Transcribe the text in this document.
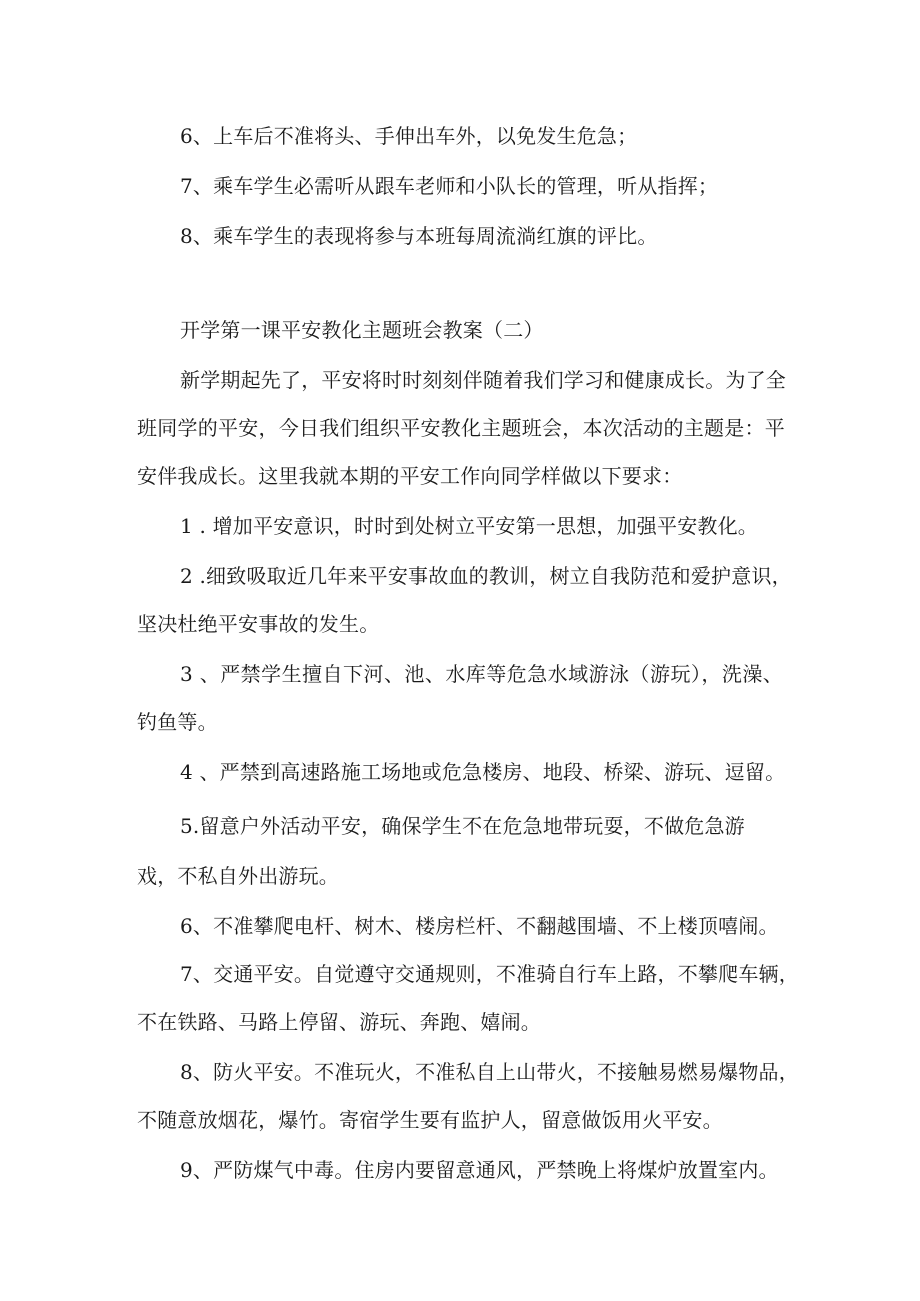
6、上车后不准将头、手伸出车外，以免发生危急；

7、乘车学生必需听从跟车老师和小队长的管理，听从指挥；

8、乘车学生的表现将参与本班每周流淌红旗的评比。

开学第一课平安教化主题班会教案（二）

新学期起先了，平安将时时刻刻伴随着我们学习和健康成长。为了全

班同学的平安，今日我们组织平安教化主题班会，本次活动的主题是：平

安伴我成长。这里我就本期的平安工作向同学样做以下要求：

1 . 增加平安意识，时时到处树立平安第一思想，加强平安教化。

2 .细致吸取近几年来平安事故血的教训，树立自我防范和爱护意识，

坚决杜绝平安事故的发生。

3 、严禁学生擅自下河、池、水库等危急水域游泳（游玩），洗澡、

钓鱼等。

4 、严禁到高速路施工场地或危急楼房、地段、桥梁、游玩、逗留。

5.留意户外活动平安，确保学生不在危急地带玩耍，不做危急游

戏，不私自外出游玩。

6、不准攀爬电杆、树木、楼房栏杆、不翻越围墙、不上楼顶嘻闹。

7、交通平安。自觉遵守交通规则，不准骑自行车上路，不攀爬车辆，

不在铁路、马路上停留、游玩、奔跑、嬉闹。

8、防火平安。不准玩火，不准私自上山带火，不接触易燃易爆物品，

不随意放烟花，爆竹。寄宿学生要有监护人，留意做饭用火平安。

9、严防煤气中毒。住房内要留意通风，严禁晚上将煤炉放置室内。
